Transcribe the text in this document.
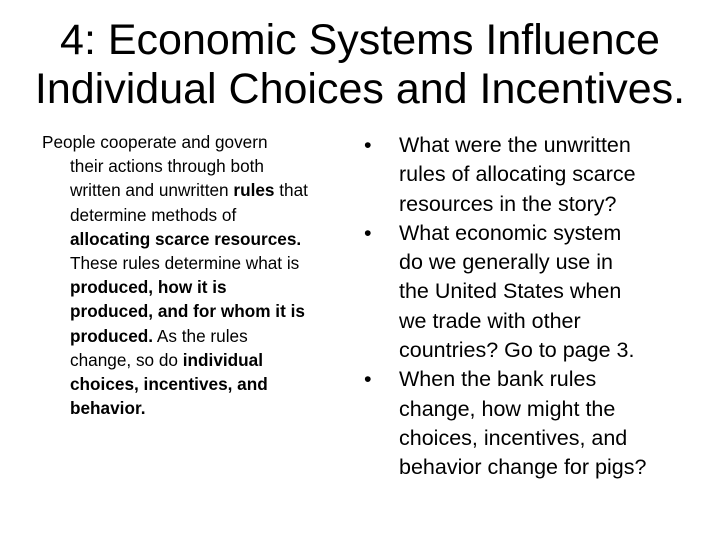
4: Economic Systems Influence
Individual Choices and Incentives.
People cooperate and govern
their actions through both
written and unwritten rules that
determine methods of
allocating scarce resources.
These rules determine what is
produced, how it is
produced, and for whom it is
produced. As the rules
change, so do individual
choices, incentives, and
behavior.
•	What were the unwritten
rules of allocating scarce
resources in the story?
•	What economic system
do we generally use in
the United States when
we trade with other
countries? Go to page 3.
•	When the bank rules
change, how might the
choices, incentives, and
behavior change for pigs?
